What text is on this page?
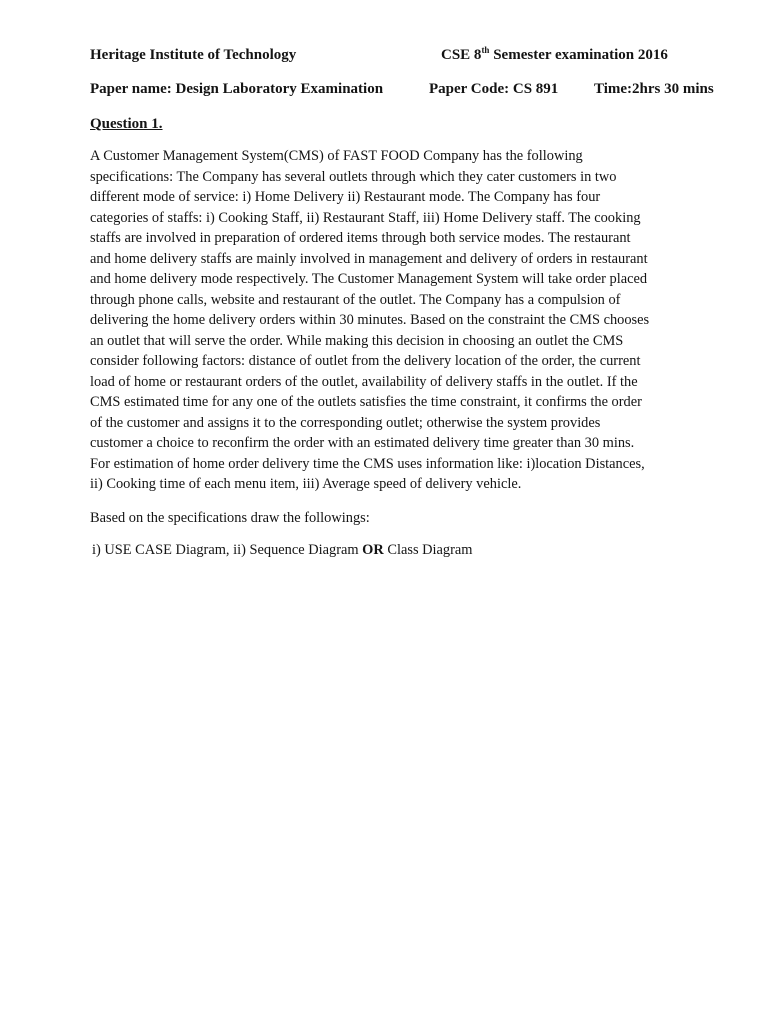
Heritage Institute of Technology	CSE 8th Semester examination 2016
Paper name: Design Laboratory Examination	Paper Code: CS 891 Time:2hrs 30 mins
Question 1.
A Customer Management System(CMS) of FAST FOOD Company has the following
specifications: The Company has several outlets through which they cater customers in two
different mode of service: i) Home Delivery ii) Restaurant mode. The Company has four
categories of staffs: i) Cooking Staff, ii) Restaurant Staff, iii) Home Delivery staff. The cooking
staffs are involved in preparation of ordered items through both service modes. The restaurant
and home delivery staffs are mainly involved in management and delivery of orders in restaurant
and home delivery mode respectively. The Customer Management System will take order placed
through phone calls, website and restaurant of the outlet. The Company has a compulsion of
delivering the home delivery orders within 30 minutes. Based on the constraint the CMS chooses
an outlet that will serve the order. While making this decision in choosing an outlet the CMS
consider following factors: distance of outlet from the delivery location of the order, the current
load of home or restaurant orders of the outlet, availability of delivery staffs in the outlet. If the
CMS estimated time for any one of the outlets satisfies the time constraint, it confirms the order
of the customer and assigns it to the corresponding outlet; otherwise the system provides
customer a choice to reconfirm the order with an estimated delivery time greater than 30 mins.
For estimation of home order delivery time the CMS uses information like: i)location Distances,
ii) Cooking time of each menu item, iii) Average speed of delivery vehicle.
Based on the specifications draw the followings:
i) USE CASE Diagram, ii) Sequence Diagram OR Class Diagram
